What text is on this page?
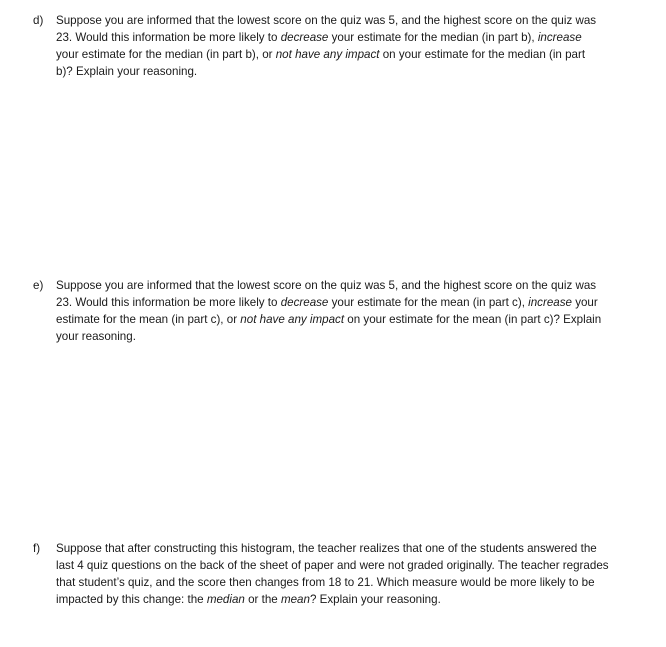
d) Suppose you are informed that the lowest score on the quiz was 5, and the highest score on the quiz was
23. Would this information be more likely to decrease your estimate for the median (in part b), increase
your estimate for the median (in part b), or not have any impact on your estimate for the median (in part
b)? Explain your reasoning.
e) Suppose you are informed that the lowest score on the quiz was 5, and the highest score on the quiz was
23. Would this information be more likely to decrease your estimate for the mean (in part c), increase your
estimate for the mean (in part c), or not have any impact on your estimate for the mean (in part c)? Explain
your reasoning.
f) Suppose that after constructing this histogram, the teacher realizes that one of the students answered the
last 4 quiz questions on the back of the sheet of paper and were not graded originally. The teacher regrades
that student’s quiz, and the score then changes from 18 to 21. Which measure would be more likely to be
impacted by this change: the median or the mean? Explain your reasoning.
